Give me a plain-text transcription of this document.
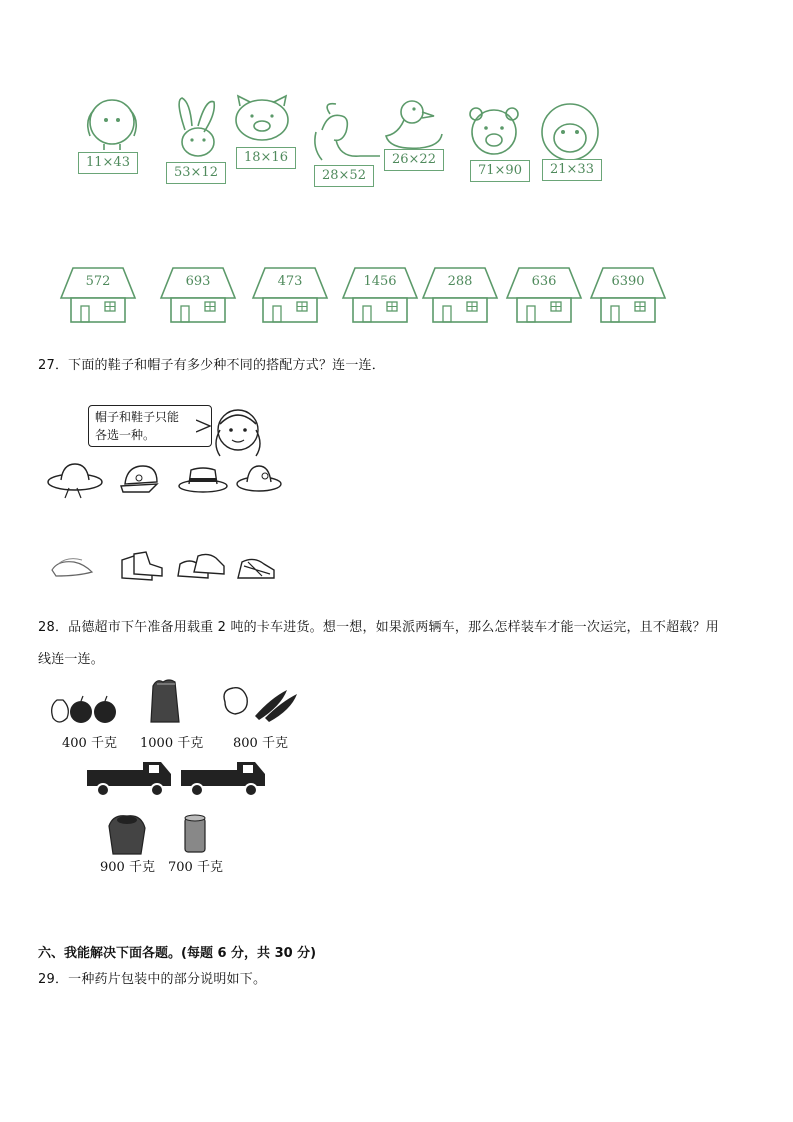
11×43
53×12
18×16
28×52
26×22
71×90	21×33
572	693	473	1456	288	636	6390
27．下面的鞋子和帽子有多少种不同的搭配方式？连一连．
帽子和鞋子只能
各选一种。
28．品德超市下午准备用载重 2 吨的卡车进货。想一想，如果派两辆车，那么怎样装车才能一次运完，且不超载？用
线连一连。
400 千克 1000 千克 800 千克
900 千克 700 千克
六、我能解决下面各题。(每题 6 分，共 30 分)
29．一种药片包装中的部分说明如下。
